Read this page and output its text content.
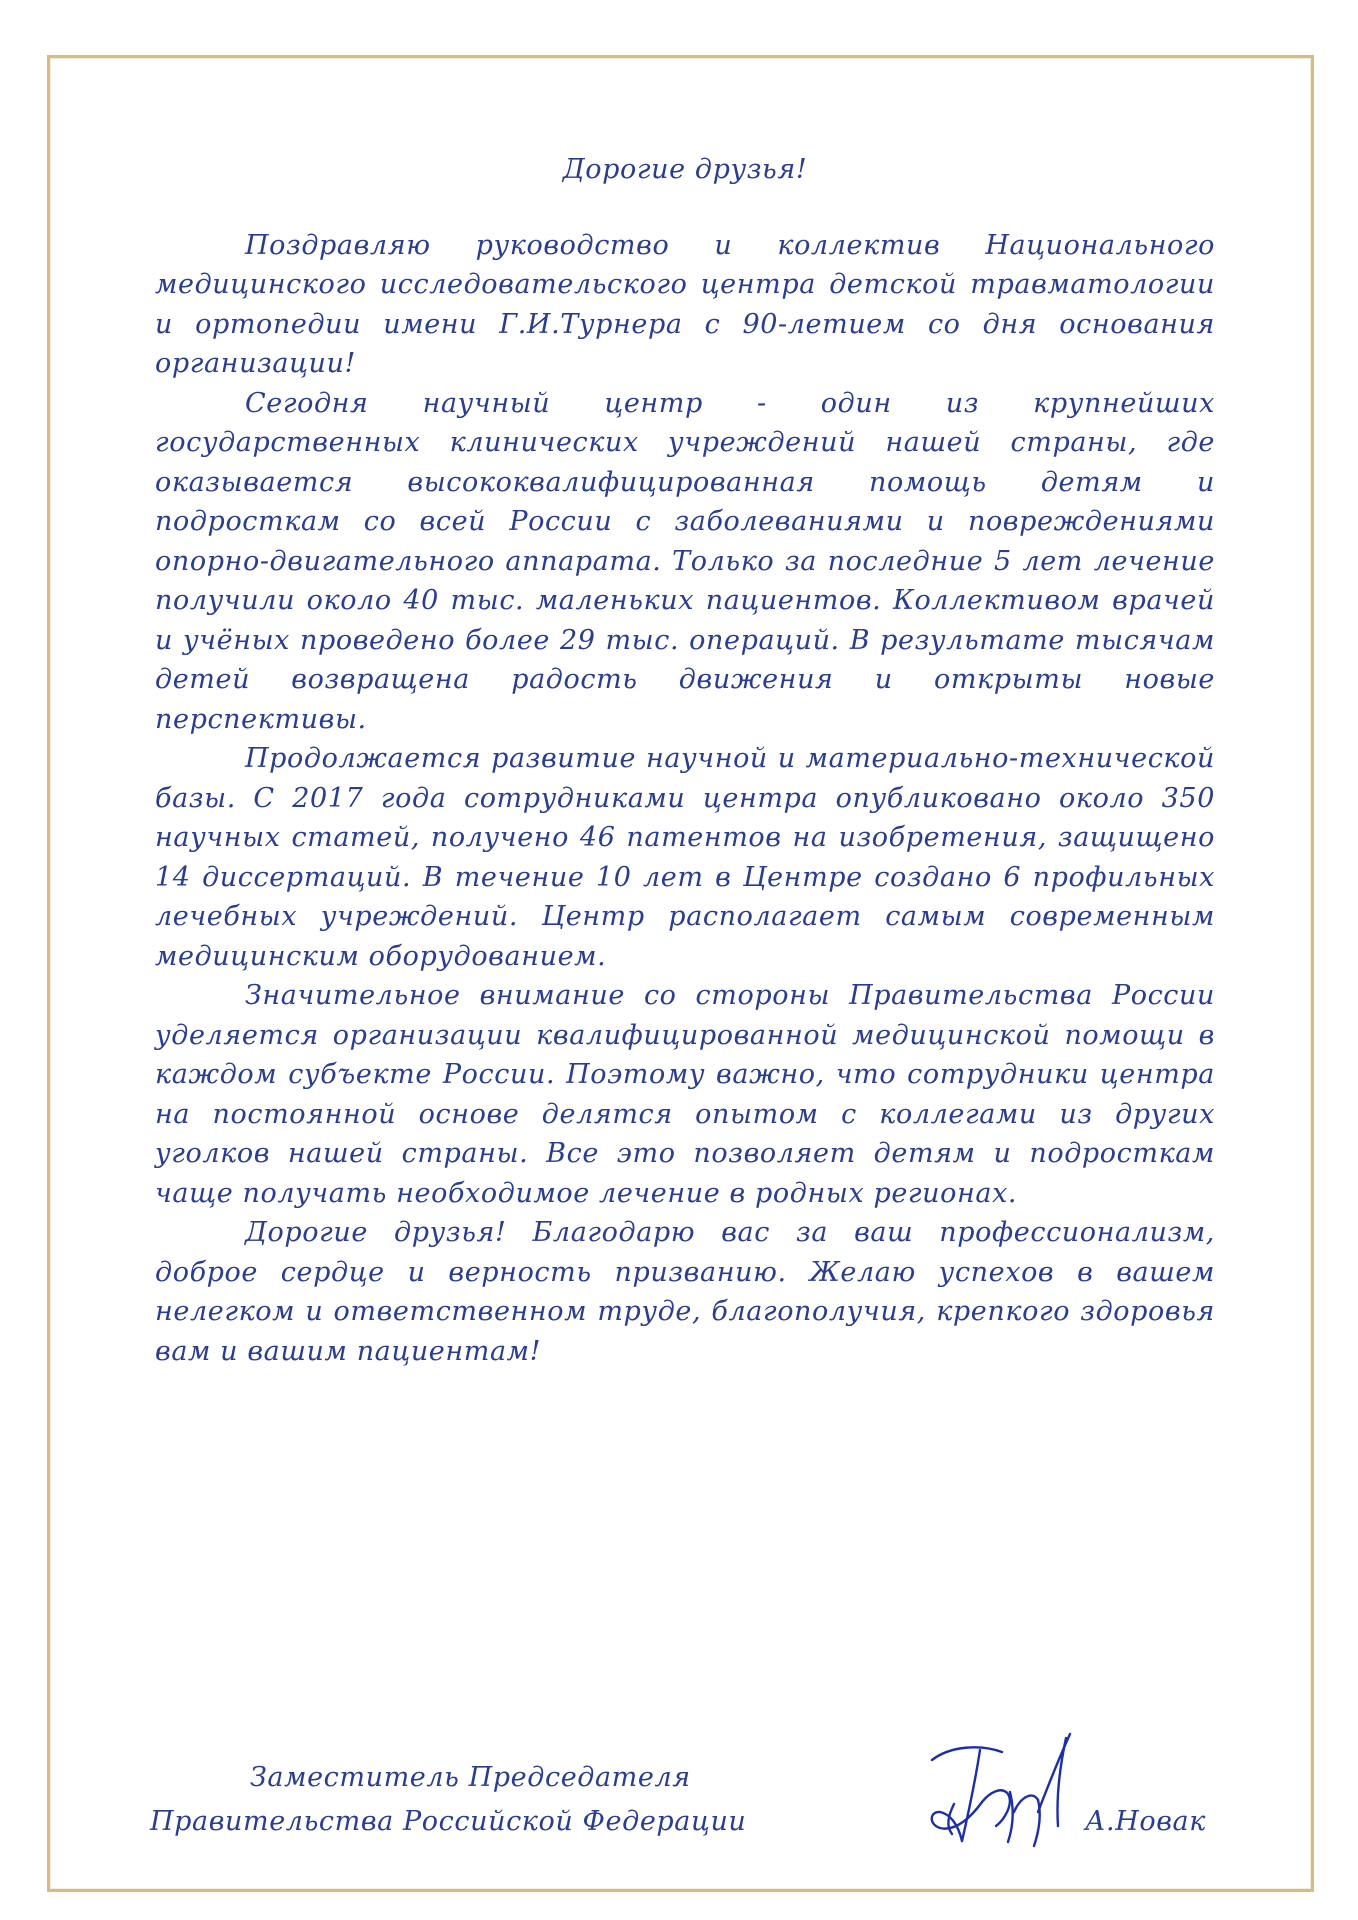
Дорогие друзья!

Поздравляю руководство и коллектив Национального медицинского исследовательского центра детской травматологии и ортопедии имени Г.И.Турнера с 90-летием со дня основания организации!

Сегодня научный центр - один из крупнейших государственных клинических учреждений нашей страны, где оказывается высококвалифицированная помощь детям и подросткам со всей России с заболеваниями и повреждениями опорно-двигательного аппарата. Только за последние 5 лет лечение получили около 40 тыс. маленьких пациентов. Коллективом врачей и учёных проведено более 29 тыс. операций. В результате тысячам детей возвращена радость движения и открыты новые перспективы.

Продолжается развитие научной и материально-технической базы. С 2017 года сотрудниками центра опубликовано около 350 научных статей, получено 46 патентов на изобретения, защищено 14 диссертаций. В течение 10 лет в Центре создано 6 профильных лечебных учреждений. Центр располагает самым современным медицинским оборудованием.

Значительное внимание со стороны Правительства России уделяется организации квалифицированной медицинской помощи в каждом субъекте России. Поэтому важно, что сотрудники центра на постоянной основе делятся опытом с коллегами из других уголков нашей страны. Все это позволяет детям и подросткам чаще получать необходимое лечение в родных регионах.

Дорогие друзья! Благодарю вас за ваш профессионализм, доброе сердце и верность призванию. Желаю успехов в вашем нелегком и ответственном труде, благополучия, крепкого здоровья вам и вашим пациентам!

Заместитель Председателя
Правительства Российской Федерации	А.Новак
